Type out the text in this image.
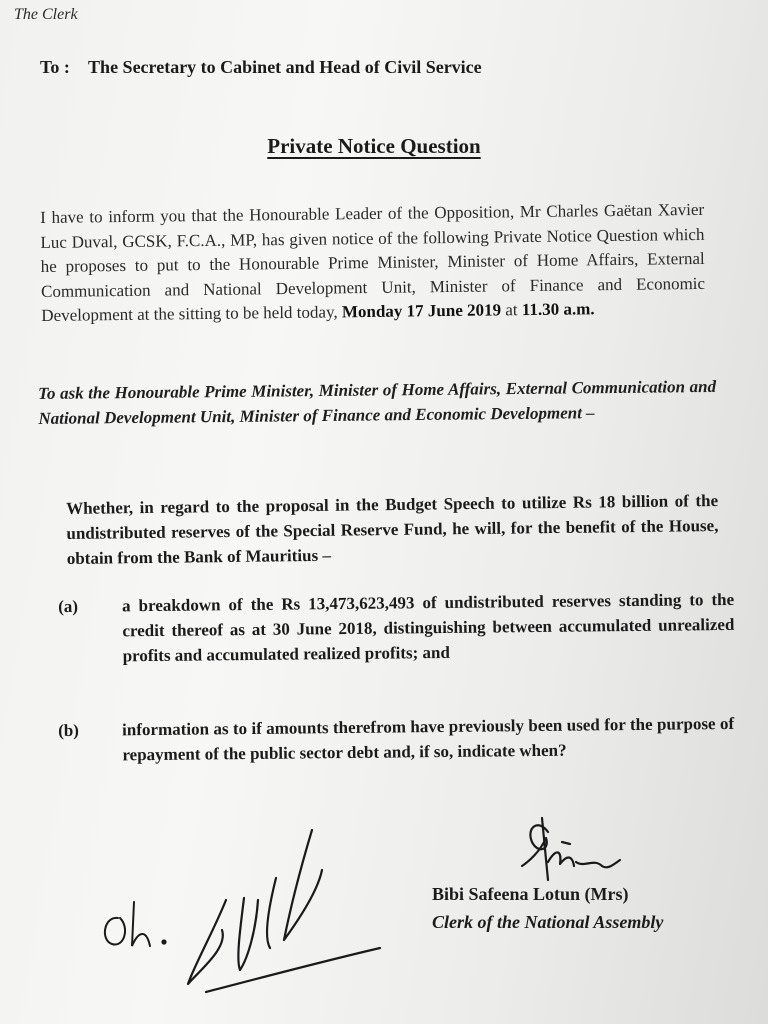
The Clerk
To : The Secretary to Cabinet and Head of Civil Service
Private Notice Question
I have to inform you that the Honourable Leader of the Opposition, Mr Charles Gaëtan Xavier Luc Duval, GCSK, F.C.A., MP, has given notice of the following Private Notice Question which he proposes to put to the Honourable Prime Minister, Minister of Home Affairs, External Communication and National Development Unit, Minister of Finance and Economic Development at the sitting to be held today, Monday 17 June 2019 at 11.30 a.m.
To ask the Honourable Prime Minister, Minister of Home Affairs, External Communication and National Development Unit, Minister of Finance and Economic Development –
Whether, in regard to the proposal in the Budget Speech to utilize Rs 18 billion of the undistributed reserves of the Special Reserve Fund, he will, for the benefit of the House, obtain from the Bank of Mauritius –
(a)	a breakdown of the Rs 13,473,623,493 of undistributed reserves standing to the credit thereof as at 30 June 2018, distinguishing between accumulated unrealized profits and accumulated realized profits; and
(b)	information as to if amounts therefrom have previously been used for the purpose of repayment of the public sector debt and, if so, indicate when?
Bibi Safeena Lotun (Mrs)
Clerk of the National Assembly
